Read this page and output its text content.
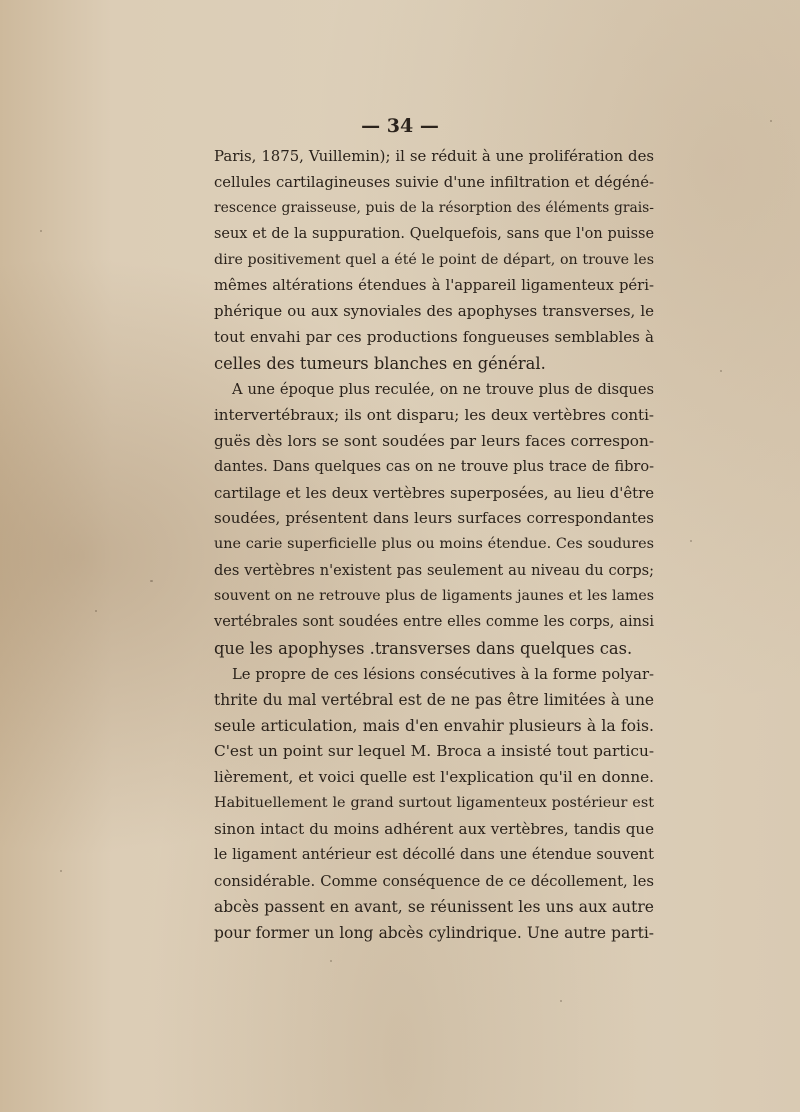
— 34 —
Paris, 1875, Vuillemin); il se réduit à une prolifération des
cellules cartilagineuses suivie d'une infiltration et dégéné-
rescence graisseuse, puis de la résorption des éléments grais-
seux et de la suppuration. Quelquefois, sans que l'on puisse
dire positivement quel a été le point de départ, on trouve les
mêmes altérations étendues à l'appareil ligamenteux péri-
phérique ou aux synoviales des apophyses transverses, le
tout envahi par ces productions fongueuses semblables à
celles des tumeurs blanches en général.
A une époque plus reculée, on ne trouve plus de disques
intervertébraux; ils ont disparu; les deux vertèbres conti-
guës dès lors se sont soudées par leurs faces correspon-
dantes. Dans quelques cas on ne trouve plus trace de fibro-
cartilage et les deux vertèbres superposées, au lieu d'être
soudées, présentent dans leurs surfaces correspondantes
une carie superficielle plus ou moins étendue. Ces soudures
des vertèbres n'existent pas seulement au niveau du corps;
souvent on ne retrouve plus de ligaments jaunes et les lames
vertébrales sont soudées entre elles comme les corps, ainsi
que les apophyses .transverses dans quelques cas.
Le propre de ces lésions consécutives à la forme polyar-
thrite du mal vertébral est de ne pas être limitées à une
seule articulation, mais d'en envahir plusieurs à la fois.
C'est un point sur lequel M. Broca a insisté tout particu-
lièrement, et voici quelle est l'explication qu'il en donne.
Habituellement le grand surtout ligamenteux postérieur est
sinon intact du moins adhérent aux vertèbres, tandis que
le ligament antérieur est décollé dans une étendue souvent
considérable. Comme conséquence de ce décollement, les
abcès passent en avant, se réunissent les uns aux autre
pour former un long abcès cylindrique. Une autre parti-
